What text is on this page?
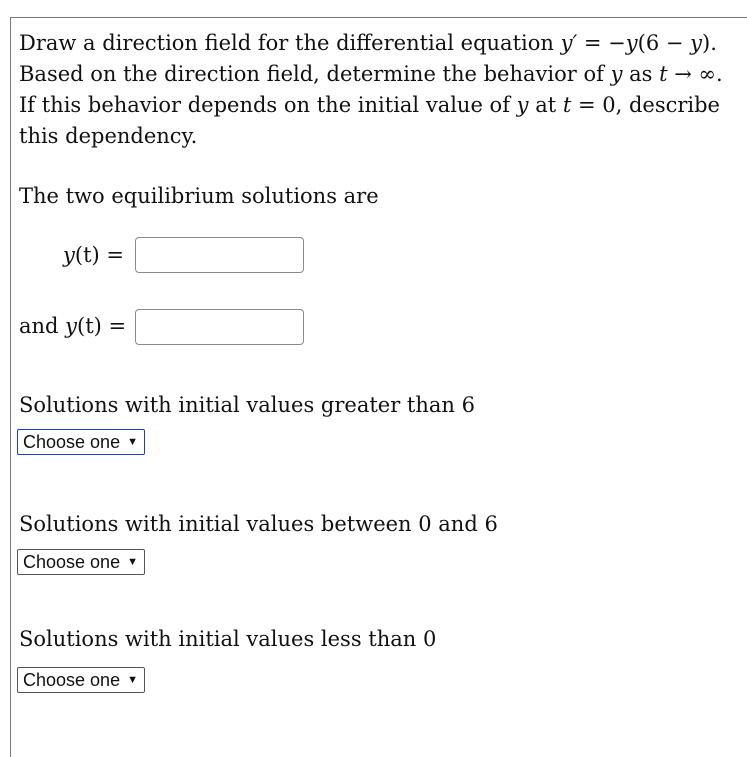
Draw a direction field for the differential equation y′ = −y(6 − y).
Based on the direction field, determine the behavior of y as t → ∞.
If this behavior depends on the initial value of y at t = 0, describe
this dependency.
The two equilibrium solutions are
y(t) =
and y(t) =
Solutions with initial values greater than 6
Choose one ▼
Solutions with initial values between 0 and 6
Choose one ▼
Solutions with initial values less than 0
Choose one ▼
